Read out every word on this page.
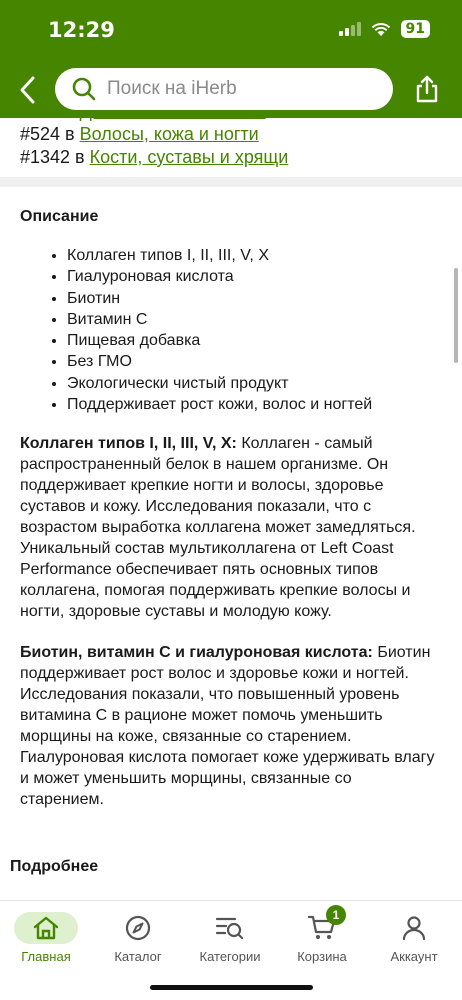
12:29	91
Поиск на iHerb
#524 в Волосы, кожа и ногти
#1342 в Кости, суставы и хрящи
Описание
• Коллаген типов I, II, III, V, X
• Гиалуроновая кислота
• Биотин
• Витамин C
• Пищевая добавка
• Без ГМО
• Экологически чистый продукт
• Поддерживает рост кожи, волос и ногтей

Коллаген типов I, II, III, V, X: Коллаген - самый распространенный белок в нашем организме. Он поддерживает крепкие ногти и волосы, здоровье суставов и кожу. Исследования показали, что с возрастом выработка коллагена может замедляться. Уникальный состав мультиколлагена от Left Coast Performance обеспечивает пять основных типов коллагена, помогая поддерживать крепкие волосы и ногти, здоровые суставы и молодую кожу.

Биотин, витамин C и гиалуроновая кислота: Биотин поддерживает рост волос и здоровье кожи и ногтей. Исследования показали, что повышенный уровень витамина C в рационе может помочь уменьшить морщины на коже, связанные со старением. Гиалуроновая кислота помогает коже удерживать влагу и может уменьшить морщины, связанные со старением.

Подробнее
Главная	Каталог	Категории
1
Корзина	Аккаунт
